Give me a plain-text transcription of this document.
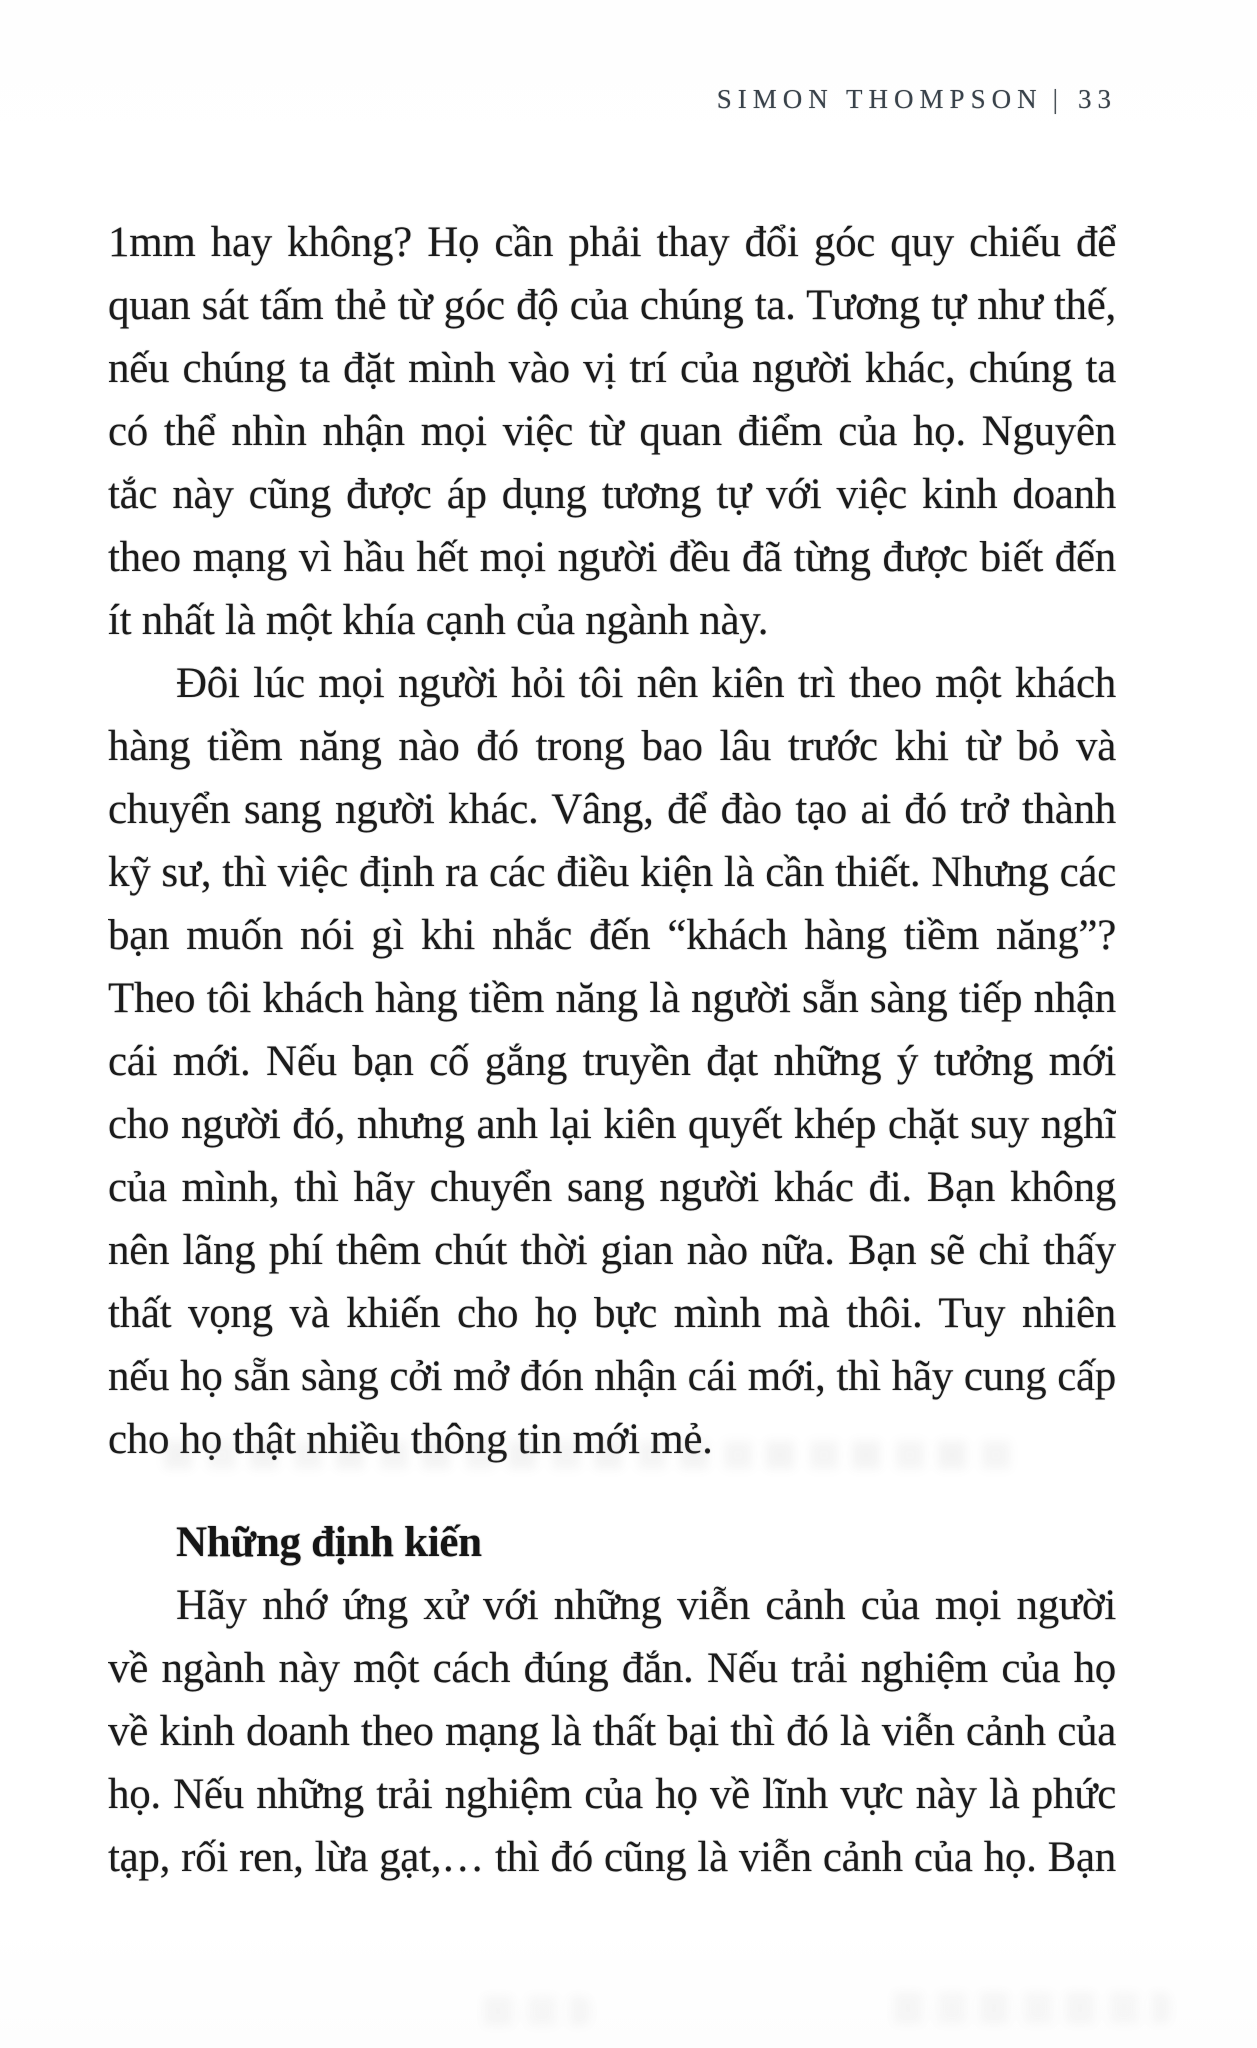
SIMON THOMPSON | 33
1mm hay không? Họ cần phải thay đổi góc quy chiếu để
quan sát tấm thẻ từ góc độ của chúng ta. Tương tự như thế,
nếu chúng ta đặt mình vào vị trí của người khác, chúng ta
có thể nhìn nhận mọi việc từ quan điểm của họ. Nguyên
tắc này cũng được áp dụng tương tự với việc kinh doanh
theo mạng vì hầu hết mọi người đều đã từng được biết đến
ít nhất là một khía cạnh của ngành này.
Đôi lúc mọi người hỏi tôi nên kiên trì theo một khách
hàng tiềm năng nào đó trong bao lâu trước khi từ bỏ và
chuyển sang người khác. Vâng, để đào tạo ai đó trở thành
kỹ sư, thì việc định ra các điều kiện là cần thiết. Nhưng các
bạn muốn nói gì khi nhắc đến “khách hàng tiềm năng”?
Theo tôi khách hàng tiềm năng là người sẵn sàng tiếp nhận
cái mới. Nếu bạn cố gắng truyền đạt những ý tưởng mới
cho người đó, nhưng anh lại kiên quyết khép chặt suy nghĩ
của mình, thì hãy chuyển sang người khác đi. Bạn không
nên lãng phí thêm chút thời gian nào nữa. Bạn sẽ chỉ thấy
thất vọng và khiến cho họ bực mình mà thôi. Tuy nhiên
nếu họ sẵn sàng cởi mở đón nhận cái mới, thì hãy cung cấp
cho họ thật nhiều thông tin mới mẻ.
Những định kiến
Hãy nhớ ứng xử với những viễn cảnh của mọi người
về ngành này một cách đúng đắn. Nếu trải nghiệm của họ
về kinh doanh theo mạng là thất bại thì đó là viễn cảnh của
họ. Nếu những trải nghiệm của họ về lĩnh vực này là phức
tạp, rối ren, lừa gạt,… thì đó cũng là viễn cảnh của họ. Bạn
